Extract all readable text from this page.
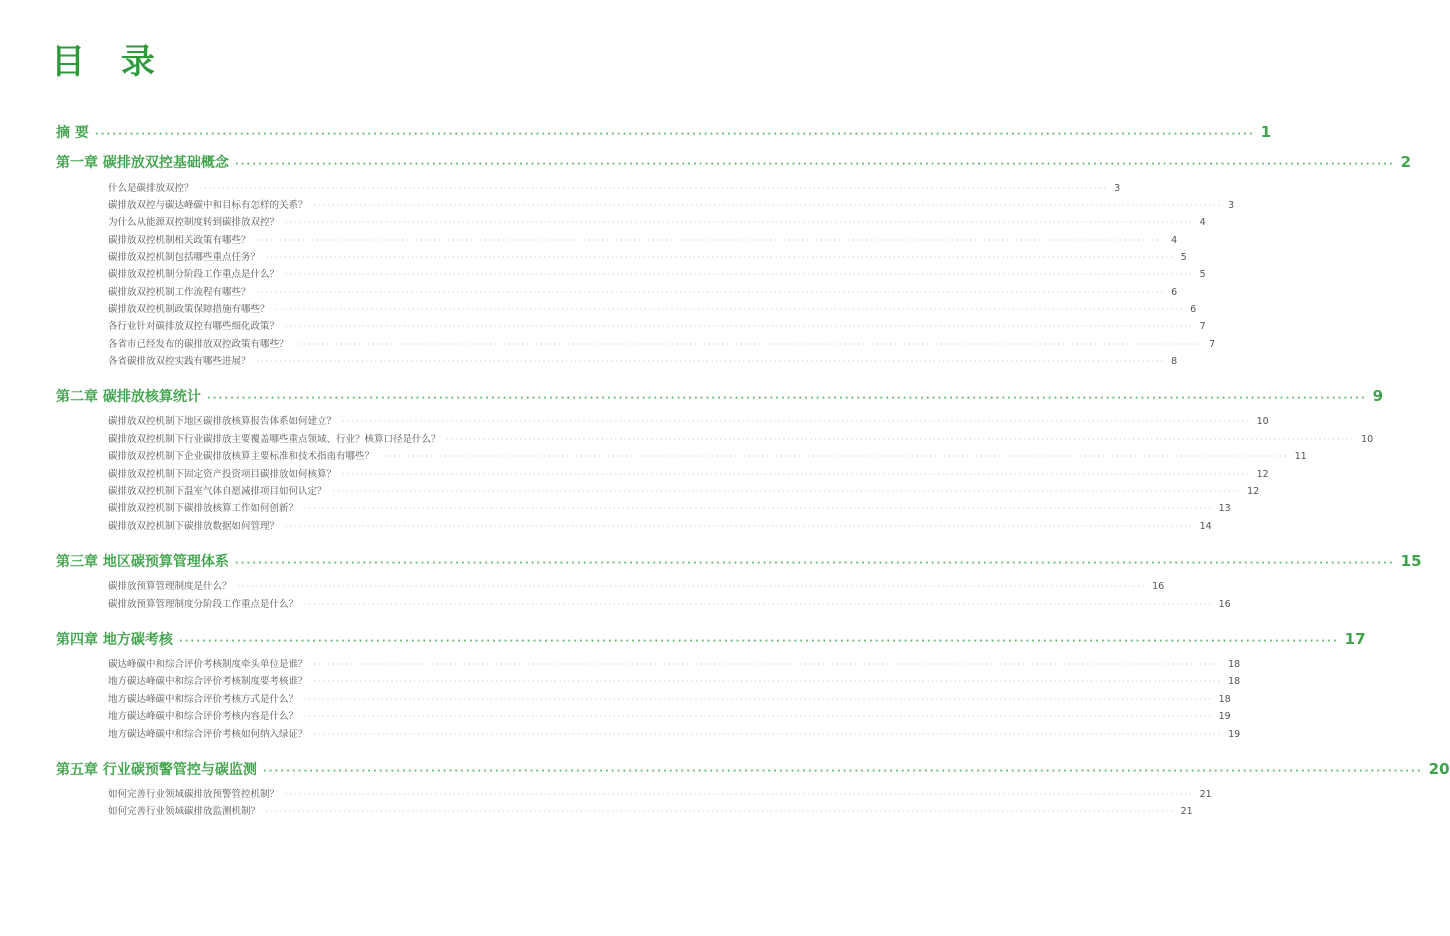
目 录
摘 要 ········································································································································································································ 1
第一章 碳排放双控基础概念 ········································································································································································································ 2
什么是碳排放双控？ ········································································································································································································ 3
碳排放双控与碳达峰碳中和目标有怎样的关系？ ········································································································································································································ 3
为什么从能源双控制度转到碳排放双控？ ········································································································································································································ 4
碳排放双控机制相关政策有哪些？ ········································································································································································································ 4
碳排放双控机制包括哪些重点任务？ ········································································································································································································ 5
碳排放双控机制分阶段工作重点是什么？ ········································································································································································································ 5
碳排放双控机制工作流程有哪些？ ········································································································································································································ 6
碳排放双控机制政策保障措施有哪些？ ········································································································································································································ 6
各行业针对碳排放双控有哪些细化政策？ ········································································································································································································ 7
各省市已经发布的碳排放双控政策有哪些？ ········································································································································································································ 7
各省碳排放双控实践有哪些进展？ ········································································································································································································ 8
第二章 碳排放核算统计 ········································································································································································································ 9
碳排放双控机制下地区碳排放核算报告体系如何建立？ ········································································································································································································ 10
碳排放双控机制下行业碳排放主要覆盖哪些重点领域、行业？核算口径是什么？ ········································································································································································································ 10
碳排放双控机制下企业碳排放核算主要标准和技术指南有哪些？ ········································································································································································································ 11
碳排放双控机制下固定资产投资项目碳排放如何核算？ ········································································································································································································ 12
碳排放双控机制下温室气体自愿减排项目如何认定？ ········································································································································································································ 12
碳排放双控机制下碳排放核算工作如何创新？ ········································································································································································································ 13
碳排放双控机制下碳排放数据如何管理？ ········································································································································································································ 14
第三章 地区碳预算管理体系 ········································································································································································································ 15
碳排放预算管理制度是什么？ ········································································································································································································ 16
碳排放预算管理制度分阶段工作重点是什么？ ········································································································································································································ 16
第四章 地方碳考核 ········································································································································································································ 17
碳达峰碳中和综合评价考核制度牵头单位是谁？ ········································································································································································································ 18
地方碳达峰碳中和综合评价考核制度要考核谁？ ········································································································································································································ 18
地方碳达峰碳中和综合评价考核方式是什么？ ········································································································································································································ 18
地方碳达峰碳中和综合评价考核内容是什么？ ········································································································································································································ 19
地方碳达峰碳中和综合评价考核如何纳入绿证？ ········································································································································································································ 19
第五章 行业碳预警管控与碳监测 ········································································································································································································ 20
如何完善行业领域碳排放预警管控机制？ ········································································································································································································ 21
如何完善行业领域碳排放监测机制？ ········································································································································································································ 21
